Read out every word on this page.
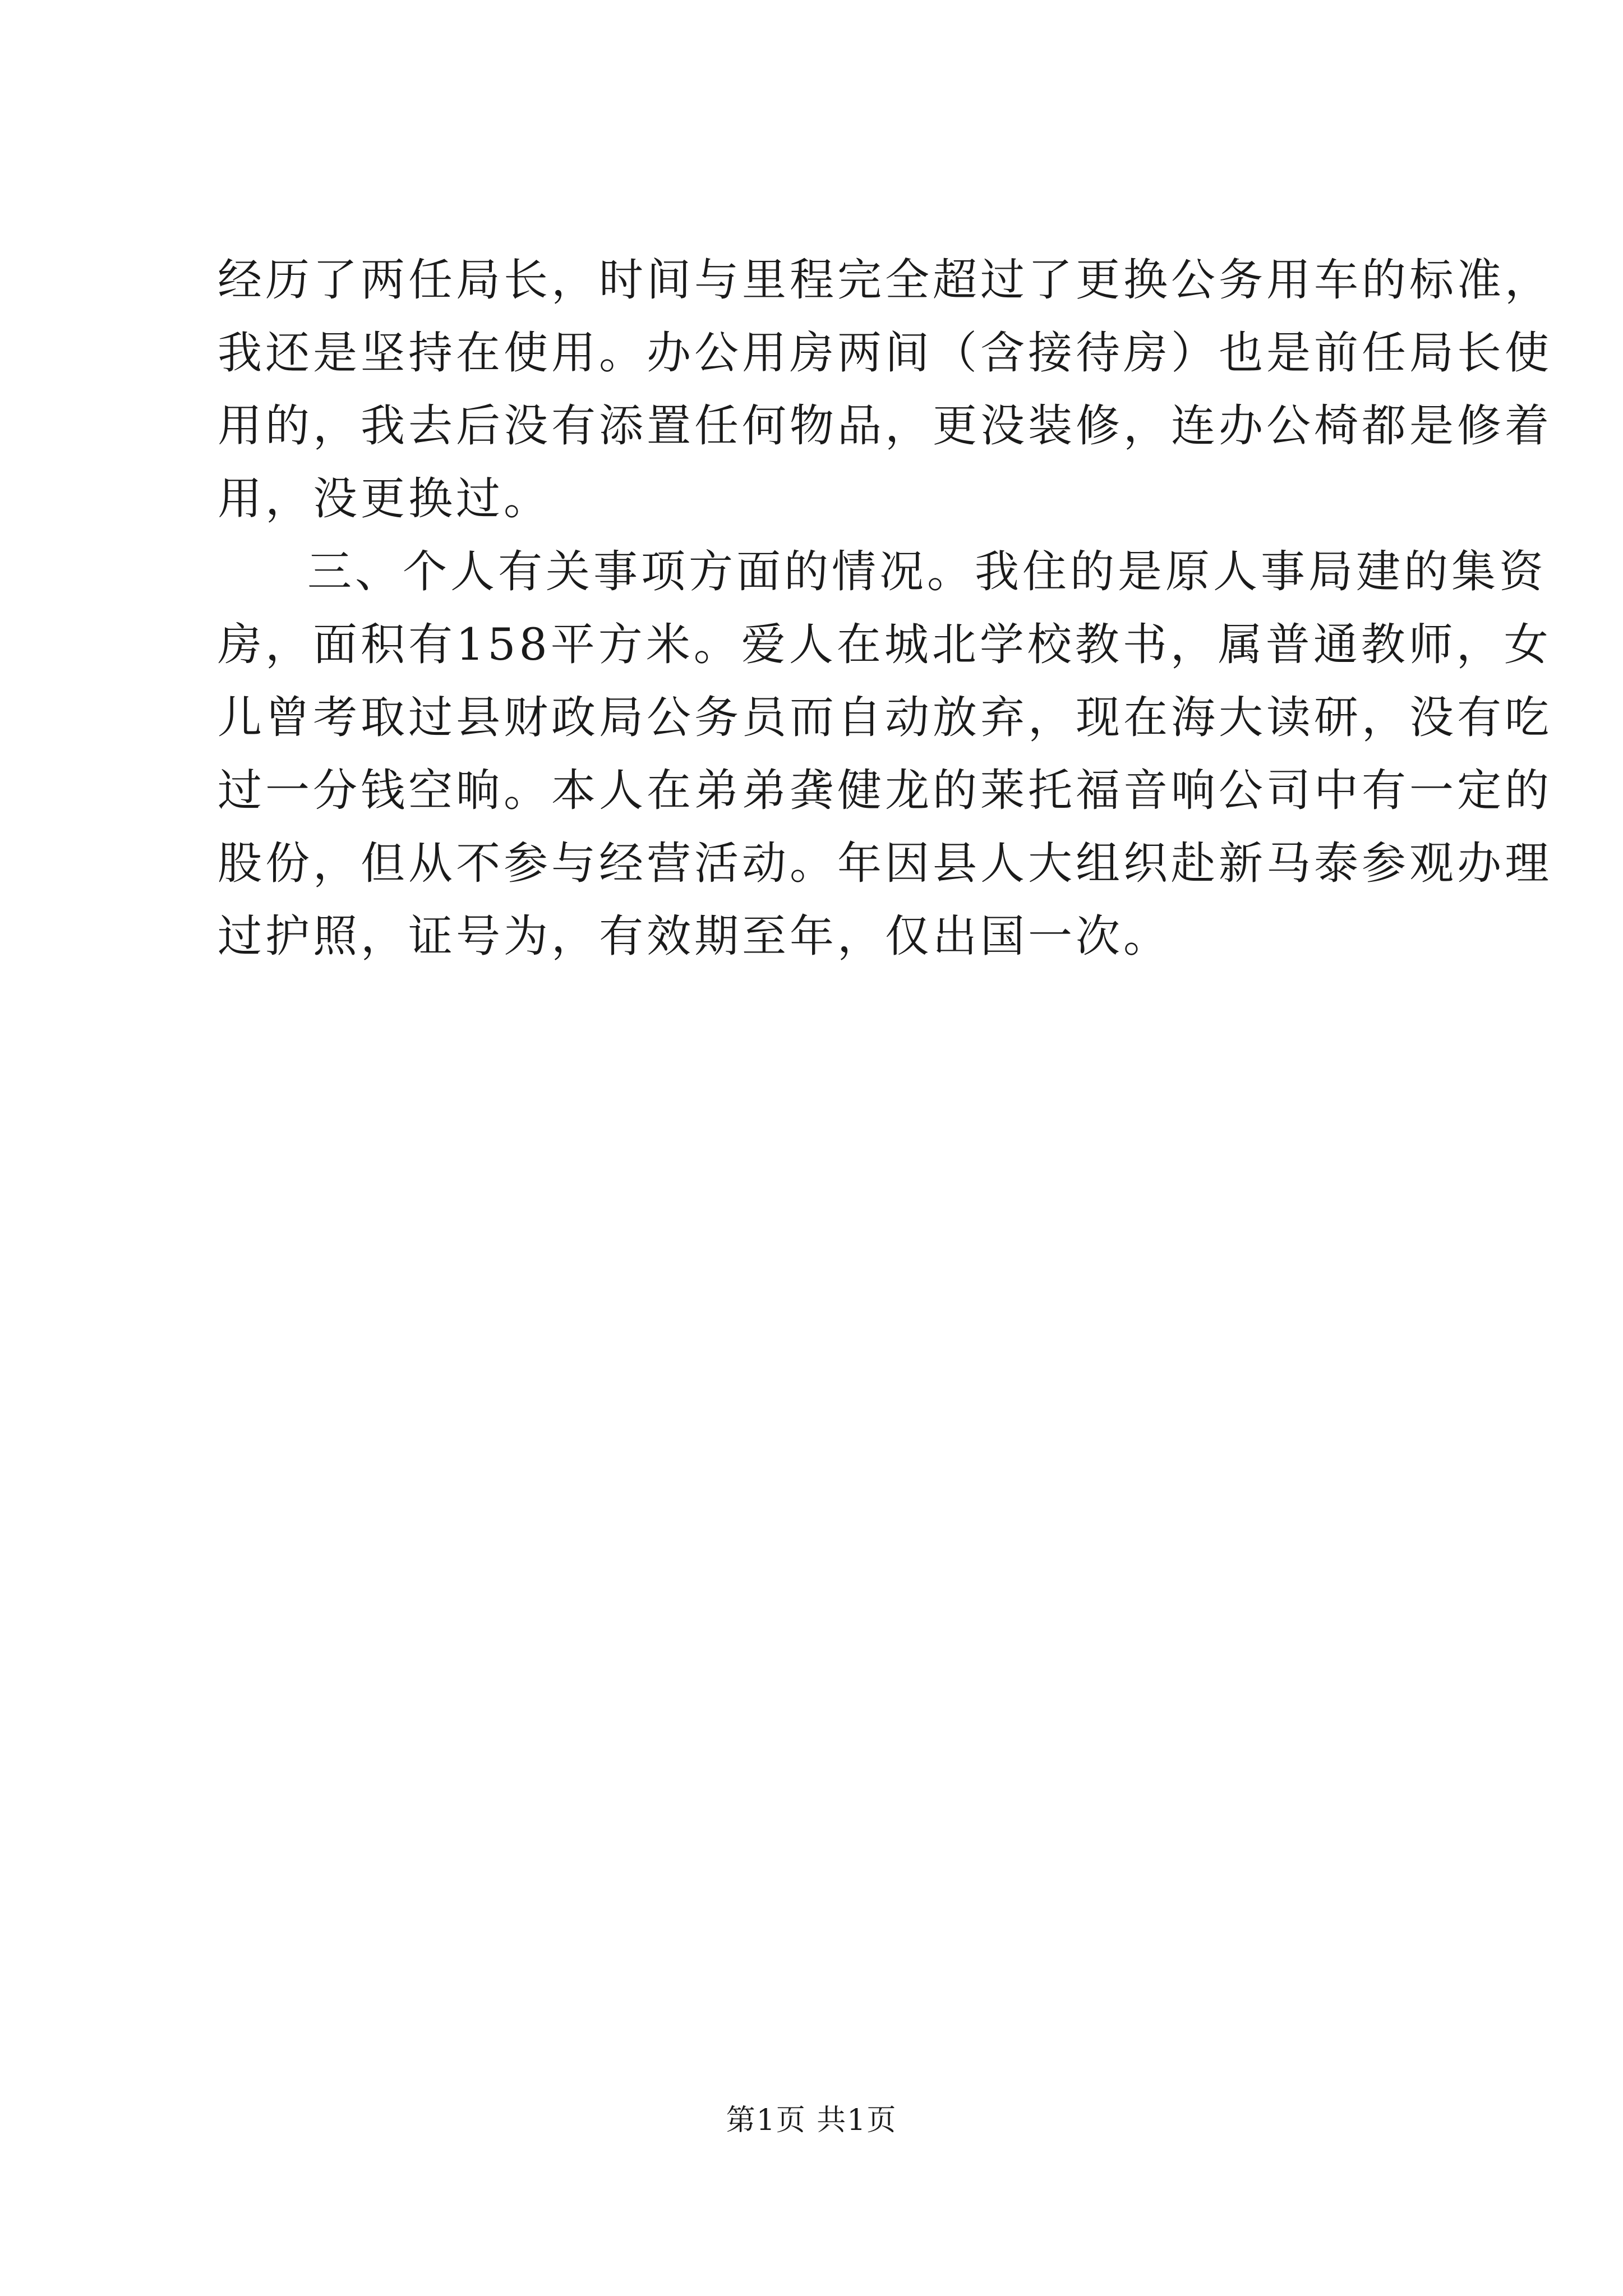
经历了两任局长，时间与里程完全超过了更换公务用车的标准，
我还是坚持在使用。办公用房两间（含接待房）也是前任局长使
用的，我去后没有添置任何物品，更没装修，连办公椅都是修着
用，没更换过。
三、个人有关事项方面的情况。我住的是原人事局建的集资
房，面积有158平方米。爱人在城北学校教书，属普通教师，女
儿曾考取过县财政局公务员而自动放弃，现在海大读研，没有吃
过一分钱空晌。本人在弟弟龚健龙的莱托福音响公司中有一定的
股份，但从不参与经营活动。年因县人大组织赴新马泰参观办理
过护照，证号为，有效期至年，仅出国一次。
第1页 共1页
